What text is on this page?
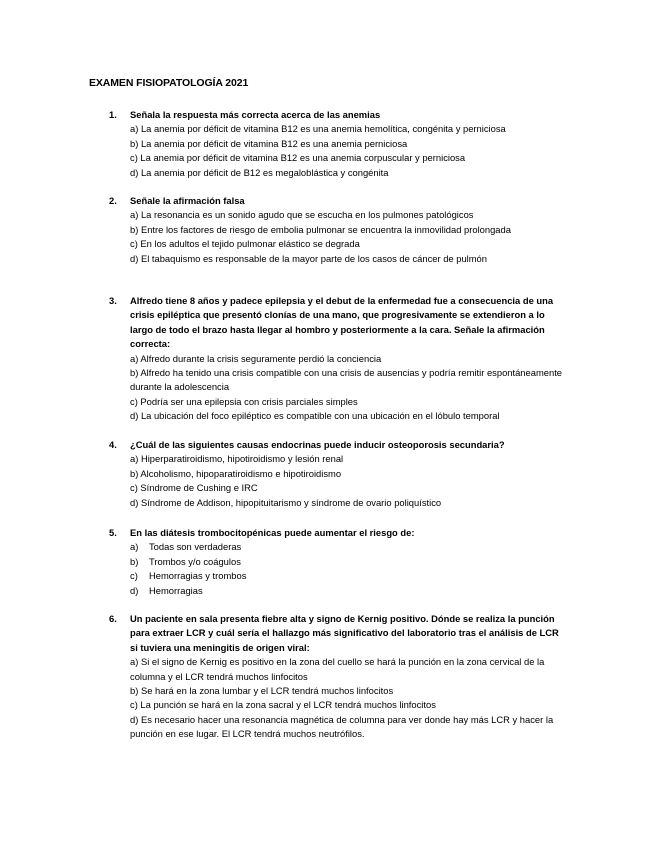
EXAMEN FISIOPATOLOGÍA 2021
1. Señala la respuesta más correcta acerca de las anemias
a) La anemia por déficit de vitamina B12 es una anemia hemolítica, congénita y perniciosa
b) La anemia por déficit de vitamina B12 es una anemia perniciosa
c) La anemia por déficit de vitamina B12 es una anemia corpuscular y perniciosa
d) La anemia por déficit de B12 es megaloblástica y congénita
2. Señale la afirmación falsa
a) La resonancia es un sonido agudo que se escucha en los pulmones patológicos
b) Entre los factores de riesgo de embolia pulmonar se encuentra la inmovilidad prolongada
c) En los adultos el tejido pulmonar elástico se degrada
d) El tabaquismo es responsable de la mayor parte de los casos de cáncer de pulmón
3. Alfredo tiene 8 años y padece epilepsia y el debut de la enfermedad fue a consecuencia de una crisis epiléptica que presentó clonías de una mano, que progresivamente se extendieron a lo largo de todo el brazo hasta llegar al hombro y posteriormente a la cara. Señale la afirmación correcta:
a) Alfredo durante la crisis seguramente perdió la conciencia
b) Alfredo ha tenido una crisis compatible con una crisis de ausencias y podría remitir espontáneamente durante la adolescencia
c) Podría ser una epilepsia con crisis parciales simples
d) La ubicación del foco epiléptico es compatible con una ubicación en el lóbulo temporal
4. ¿Cuál de las siguientes causas endocrinas puede inducir osteoporosis secundaria?
a) Hiperparatiroidismo, hipotiroidismo y lesión renal
b) Alcoholismo, hipoparatiroidismo e hipotiroidismo
c) Síndrome de Cushing e IRC
d) Síndrome de Addison, hipopituitarismo y síndrome de ovario poliquístico
5. En las diátesis trombocitopénicas puede aumentar el riesgo de:
a) Todas son verdaderas
b) Trombos y/o coágulos
c) Hemorragias y trombos
d) Hemorragias
6. Un paciente en sala presenta fiebre alta y signo de Kernig positivo. Dónde se realiza la punción para extraer LCR y cuál sería el hallazgo más significativo del laboratorio tras el análisis de LCR si tuviera una meningitis de origen viral:
a) Si el signo de Kernig es positivo en la zona del cuello se hará la punción en la zona cervical de la columna y el LCR tendrá muchos linfocitos
b) Se hará en la zona lumbar y el LCR tendrá muchos linfocitos
c) La punción se hará en la zona sacral y el LCR tendrá muchos linfocitos
d) Es necesario hacer una resonancia magnética de columna para ver donde hay más LCR y hacer la punción en ese lugar. El LCR tendrá muchos neutrófilos.
